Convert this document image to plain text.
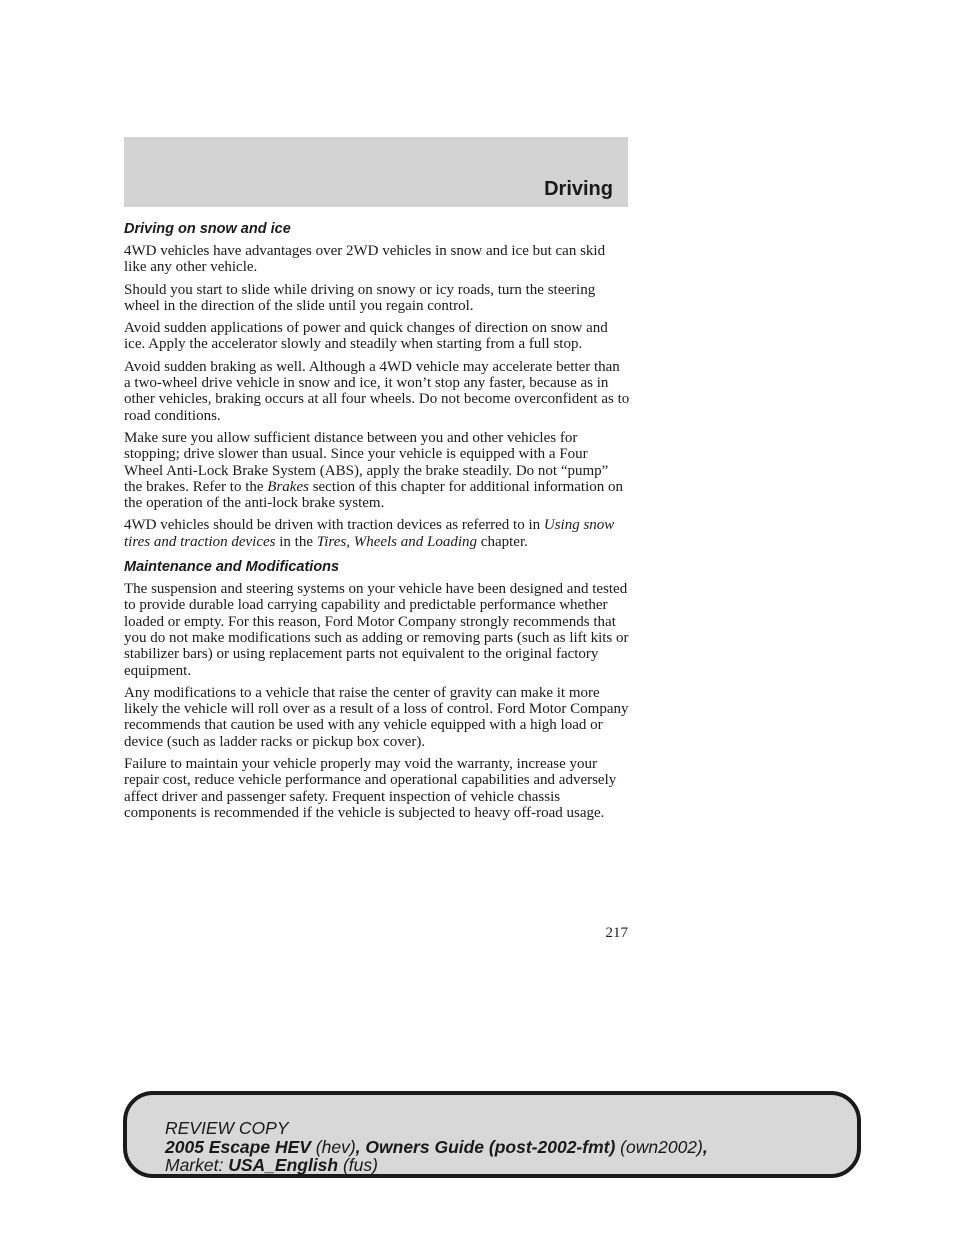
Driving
Driving on snow and ice

4WD vehicles have advantages over 2WD vehicles in snow and ice but can skid like any other vehicle.

Should you start to slide while driving on snowy or icy roads, turn the steering wheel in the direction of the slide until you regain control.

Avoid sudden applications of power and quick changes of direction on snow and ice. Apply the accelerator slowly and steadily when starting from a full stop.

Avoid sudden braking as well. Although a 4WD vehicle may accelerate better than a two-wheel drive vehicle in snow and ice, it won’t stop any faster, because as in other vehicles, braking occurs at all four wheels. Do not become overconfident as to road conditions.

Make sure you allow sufficient distance between you and other vehicles for stopping; drive slower than usual. Since your vehicle is equipped with a Four Wheel Anti-Lock Brake System (ABS), apply the brake steadily. Do not “pump” the brakes. Refer to the Brakes section of this chapter for additional information on the operation of the anti-lock brake system.

4WD vehicles should be driven with traction devices as referred to in Using snow tires and traction devices in the Tires, Wheels and Loading chapter.

Maintenance and Modifications

The suspension and steering systems on your vehicle have been designed and tested to provide durable load carrying capability and predictable performance whether loaded or empty. For this reason, Ford Motor Company strongly recommends that you do not make modifications such as adding or removing parts (such as lift kits or stabilizer bars) or using replacement parts not equivalent to the original factory equipment.

Any modifications to a vehicle that raise the center of gravity can make it more likely the vehicle will roll over as a result of a loss of control. Ford Motor Company recommends that caution be used with any vehicle equipped with a high load or device (such as ladder racks or pickup box cover).

Failure to maintain your vehicle properly may void the warranty, increase your repair cost, reduce vehicle performance and operational capabilities and adversely affect driver and passenger safety. Frequent inspection of vehicle chassis components is recommended if the vehicle is subjected to heavy off-road usage.

217
REVIEW COPY
2005 Escape HEV (hev), Owners Guide (post-2002-fmt) (own2002),
Market: USA_English (fus)
